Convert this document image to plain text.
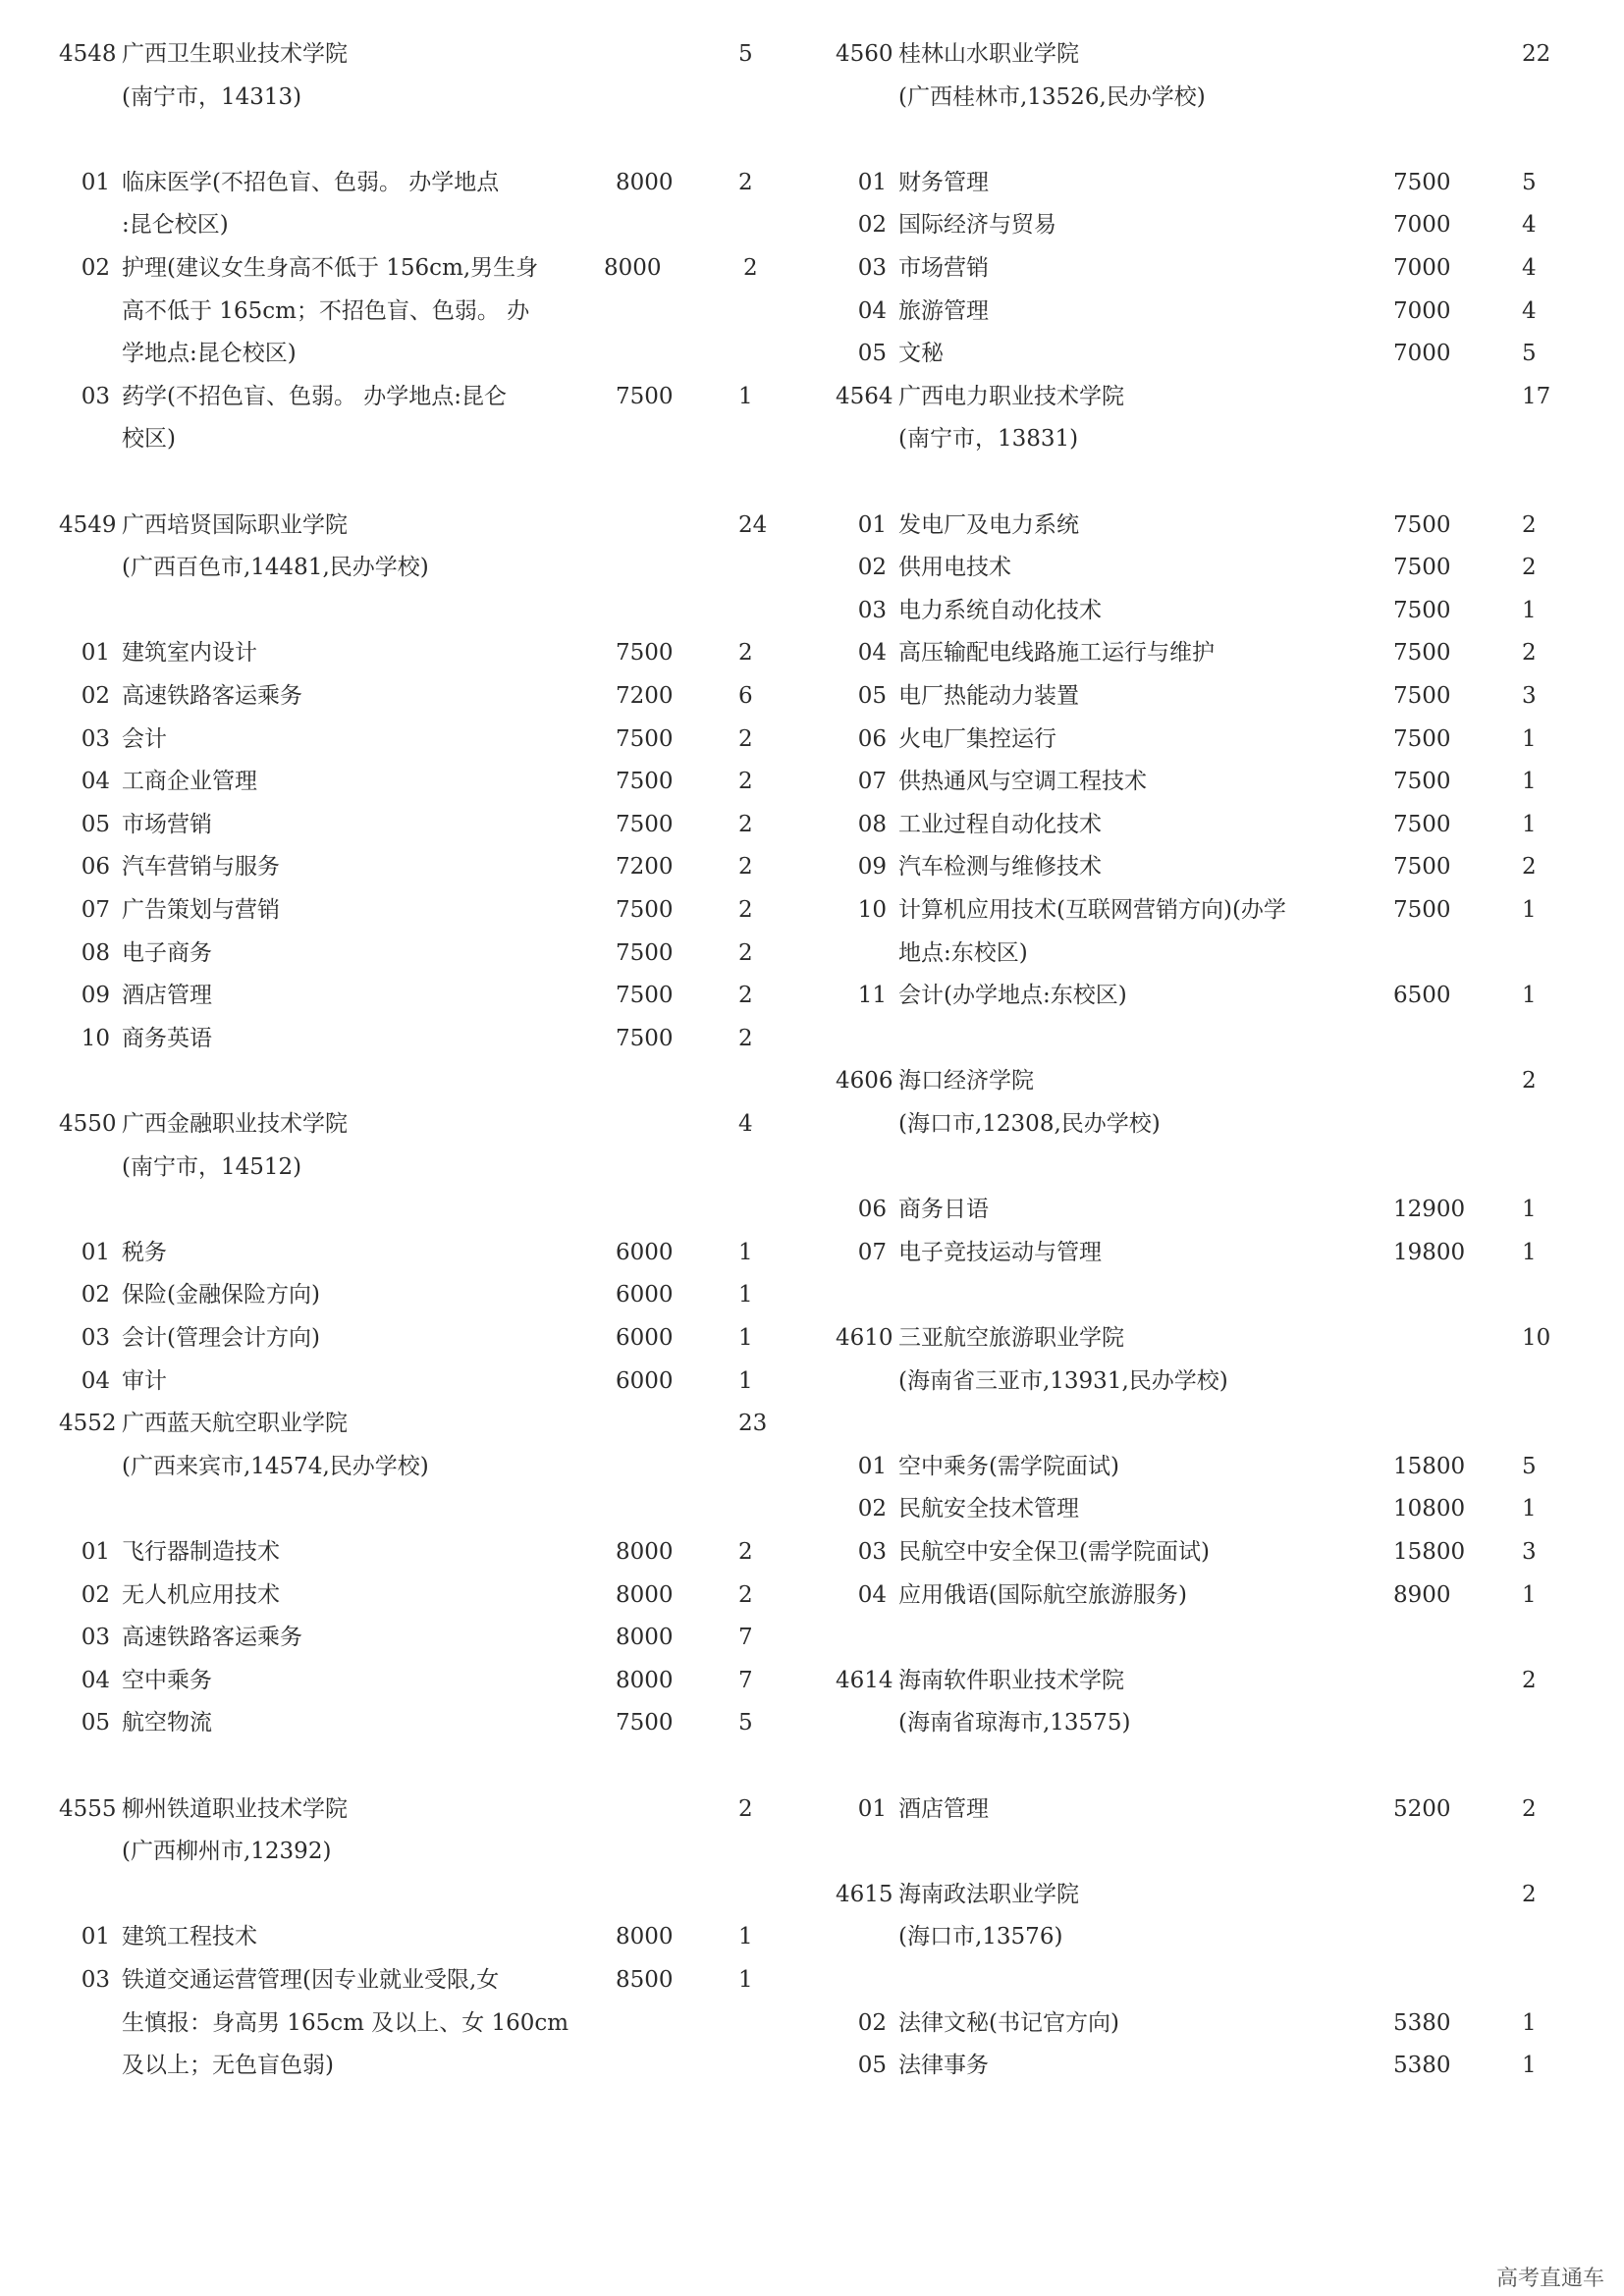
4548 广西卫生职业技术学院	5
(南宁市，14313)
01 临床医学(不招色盲、色弱。 办学地点	8000	2
:昆仑校区)
02 护理(建议女生身高不低于 156cm,男生身	8000	2
高不低于 165cm；不招色盲、色弱。 办
学地点:昆仑校区)
03 药学(不招色盲、色弱。 办学地点:昆仑	7500	1
校区)
4549 广西培贤国际职业学院	24
(广西百色市,14481,民办学校)
01 建筑室内设计	7500	2
02 高速铁路客运乘务	7200	6
03 会计	7500	2
04 工商企业管理	7500	2
05 市场营销	7500	2
06 汽车营销与服务	7200	2
07 广告策划与营销	7500	2
08 电子商务	7500	2
09 酒店管理	7500	2
10 商务英语	7500	2
4550 广西金融职业技术学院	4
(南宁市，14512)
01 税务	6000	1
02 保险(金融保险方向)	6000	1
03 会计(管理会计方向)	6000	1
04 审计	6000	1
4552 广西蓝天航空职业学院	23
(广西来宾市,14574,民办学校)
01 飞行器制造技术	8000	2
02 无人机应用技术	8000	2
03 高速铁路客运乘务	8000	7
04 空中乘务	8000	7
05 航空物流	7500	5
4555 柳州铁道职业技术学院	2
(广西柳州市,12392)
01 建筑工程技术	8000	1
03 铁道交通运营管理(因专业就业受限,女	8500	1
生慎报：身高男 165cm 及以上、女 160cm
及以上；无色盲色弱)
4560 桂林山水职业学院	22
(广西桂林市,13526,民办学校)
01 财务管理	7500	5
02 国际经济与贸易	7000	4
03 市场营销	7000	4
04 旅游管理	7000	4
05 文秘	7000	5
4564 广西电力职业技术学院	17
(南宁市，13831)
01 发电厂及电力系统	7500	2
02 供用电技术	7500	2
03 电力系统自动化技术	7500	1
04 高压输配电线路施工运行与维护	7500	2
05 电厂热能动力装置	7500	3
06 火电厂集控运行	7500	1
07 供热通风与空调工程技术	7500	1
08 工业过程自动化技术	7500	1
09 汽车检测与维修技术	7500	2
10 计算机应用技术(互联网营销方向)(办学	7500	1
地点:东校区)
11 会计(办学地点:东校区)	6500	1
4606 海口经济学院	2
(海口市,12308,民办学校)
06 商务日语	12900	1
07 电子竞技运动与管理	19800	1
4610 三亚航空旅游职业学院	10
(海南省三亚市,13931,民办学校)
01 空中乘务(需学院面试)	15800	5
02 民航安全技术管理	10800	1
03 民航空中安全保卫(需学院面试)	15800	3
04 应用俄语(国际航空旅游服务)	8900	1
4614 海南软件职业技术学院	2
(海南省琼海市,13575)
01 酒店管理	5200	2
4615 海南政法职业学院	2
(海口市,13576)
02 法律文秘(书记官方向)	5380	1
05 法律事务	5380	1
高考直通车
